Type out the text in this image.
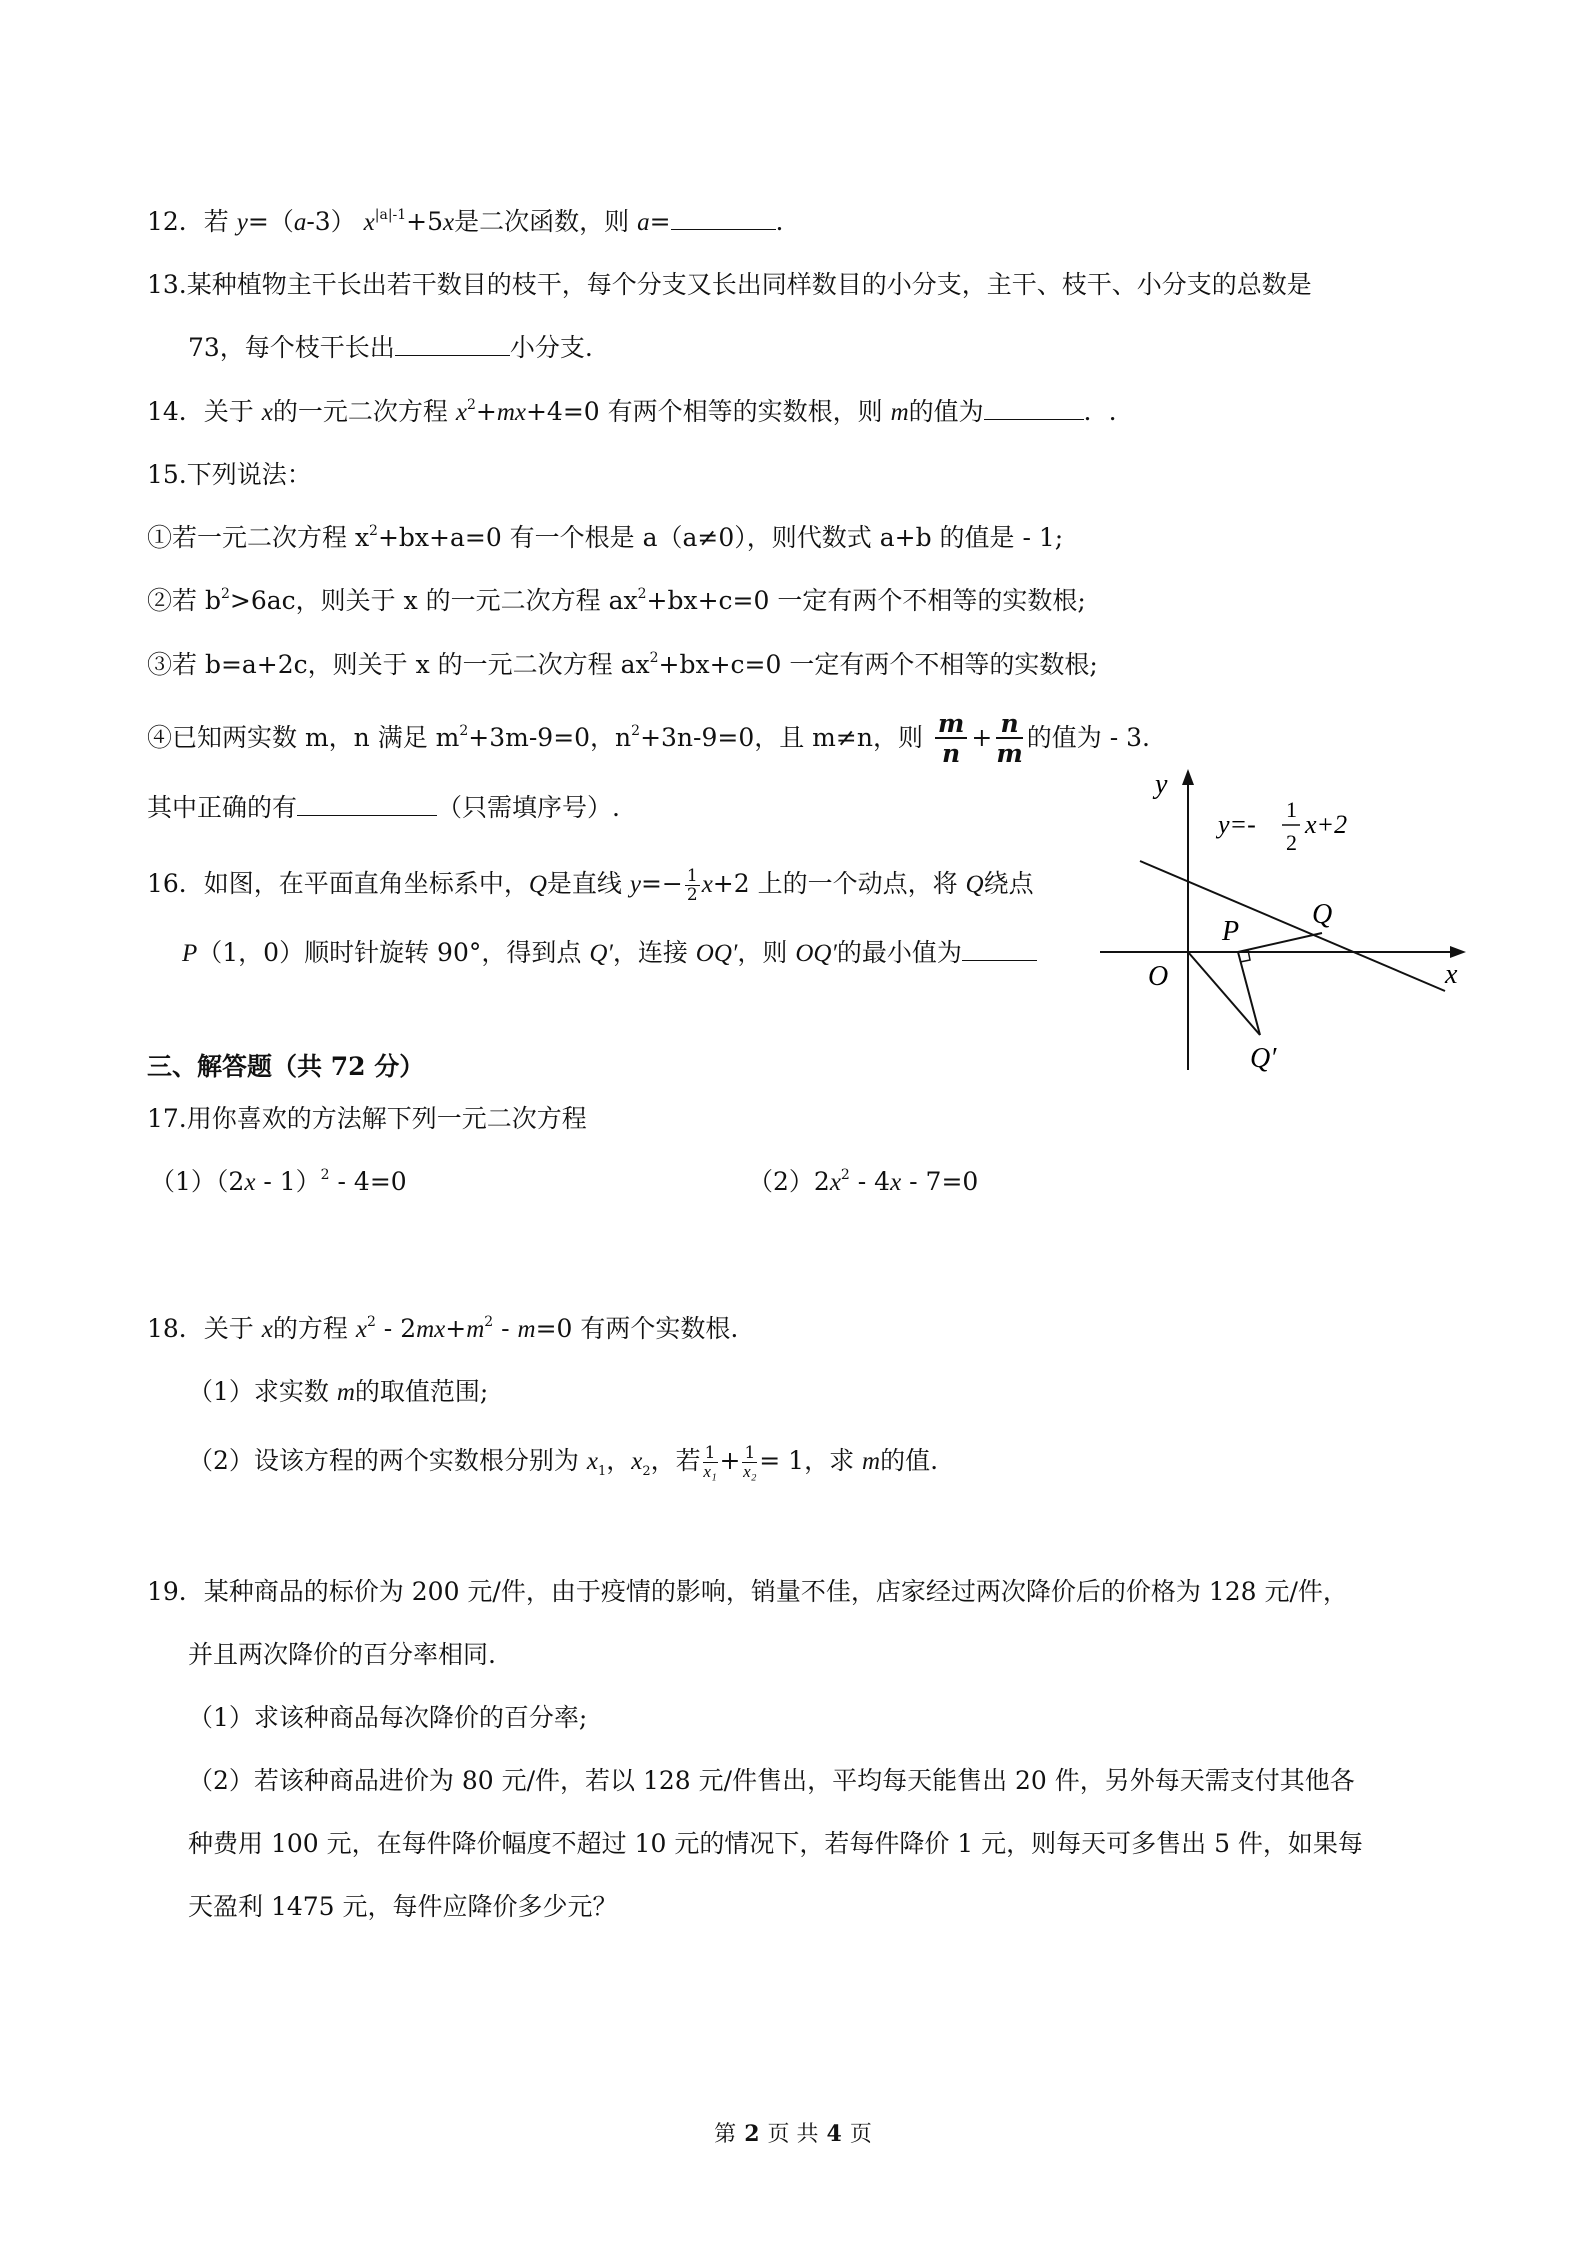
12．若 y=（a-3） $x^{|a|-1}+5x$是二次函数，则 a=	.
13.某种植物主干长出若干数目的枝干，每个分支又长出同样数目的小分支，主干、枝干、小分支的总数是
73，每个枝干长出	小分支.
14．关于 x的一元二次方程 $x^2+mx+4=0$ 有两个相等的实数根，则 m的值为	．.
15.下列说法：
①若一元二次方程 $x^2+bx+a=0$ 有一个根是 a（a≠0），则代数式 a+b 的值是 - 1;
②若 $b^2>6ac$，则关于 x 的一元二次方程 $ax^2+bx+c=0$ 一定有两个不相等的实数根;
③若 b=a+2c，则关于 x 的一元二次方程 $ax^2+bx+c=0$ 一定有两个不相等的实数根;
④已知两实数 m，n 满足 $m^2+3m-9=0$，$n^2+3n-9=0$，且 m≠n，则 $\frac{m}{n} + \frac{n}{m}$ 的值为 - 3.
其中正确的有	（只需填序号）.
16．如图，在平面直角坐标系中，Q是直线 $y=- \frac{1}{2} x+2$ 上的一个动点，将 Q绕点
P（1，0）顺时针旋转 90°，得到点 Q′，连接 OQ′，则 OQ′的最小值为
y
x
O
P
Q
Q′
y=-
1
2
x+2
三、解答题（共 72 分）
17.用你喜欢的方法解下列一元二次方程
（1）（2x - 1）$^2$ - 4=0	$(2)2x^2 - 4x - 7=0$
18．关于 x的方程 $x^2 - 2mx+m^2 - m=0$ 有两个实数根.
（1）求实数 m的取值范围;
（2）设该方程的两个实数根分别为 $x_1$，$x_2$，若 $\frac{1}{\text{x₁}} + \frac{1}{\text{x₂}} = 1$，求 m的值.
19．某种商品的标价为 200 元/件，由于疫情的影响，销量不佳，店家经过两次降价后的价格为 128 元/件，
并且两次降价的百分率相同.
（1）求该种商品每次降价的百分率;
（2）若该种商品进价为 80 元/件，若以 128 元/件售出，平均每天能售出 20 件，另外每天需支付其他各
种费用 100 元，在每件降价幅度不超过 10 元的情况下，若每件降价 1 元，则每天可多售出 5 件，如果每
天盈利 1475 元，每件应降价多少元？
第 2 页 共 4 页
